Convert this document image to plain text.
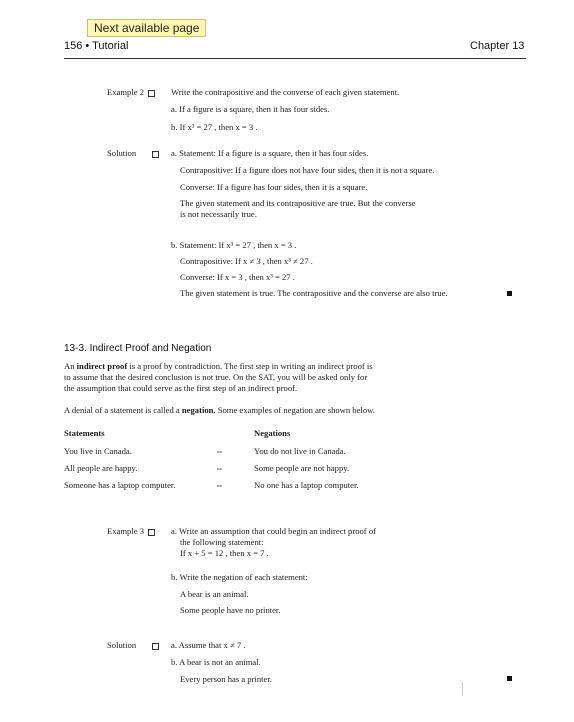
Next available page
156 • Tutorial	Chapter 13
Example 2	Write the contrapositive and the converse of each given statement.
a. If a figure is a square, then it has four sides.
b. If x³ = 27 , then x = 3 .
Solution	a. Statement: If a figure is a square, then it has four sides.
Contrapositive: If a figure does not have four sides, then it is not a square.
Converse: If a figure has four sides, then it is a square.
The given statement and its contrapositive are true. But the converse
is not necessarily true.
b. Statement: If x³ = 27 , then x = 3 .
Contrapositive: If x ≠ 3 , then x³ ≠ 27 .
Converse: If x = 3 , then x³ = 27 .
The given statement is true. The contrapositive and the converse are also true.
13-3. Indirect Proof and Negation
An indirect proof is a proof by contradiction. The first step in writing an indirect proof is
to assume that the desired conclusion is not true. On the SAT, you will be asked only for
the assumption that could serve as the first step of an indirect proof.
A denial of a statement is called a negation. Some examples of negation are shown below.
Statements	Negations
You live in Canada.	⇔	You do not live in Canada.
All people are happy.	⇔	Some people are not happy.
Someone has a laptop computer.	⇔	No one has a laptop computer.
Example 3	a. Write an assumption that could begin an indirect proof of
the following statement:
If x + 5 = 12 , then x = 7 .
b. Write the negation of each statement:
A bear is an animal.
Some people have no printer.
Solution	a. Assume that x ≠ 7 .
b. A bear is not an animal.
Every person has a printer.
